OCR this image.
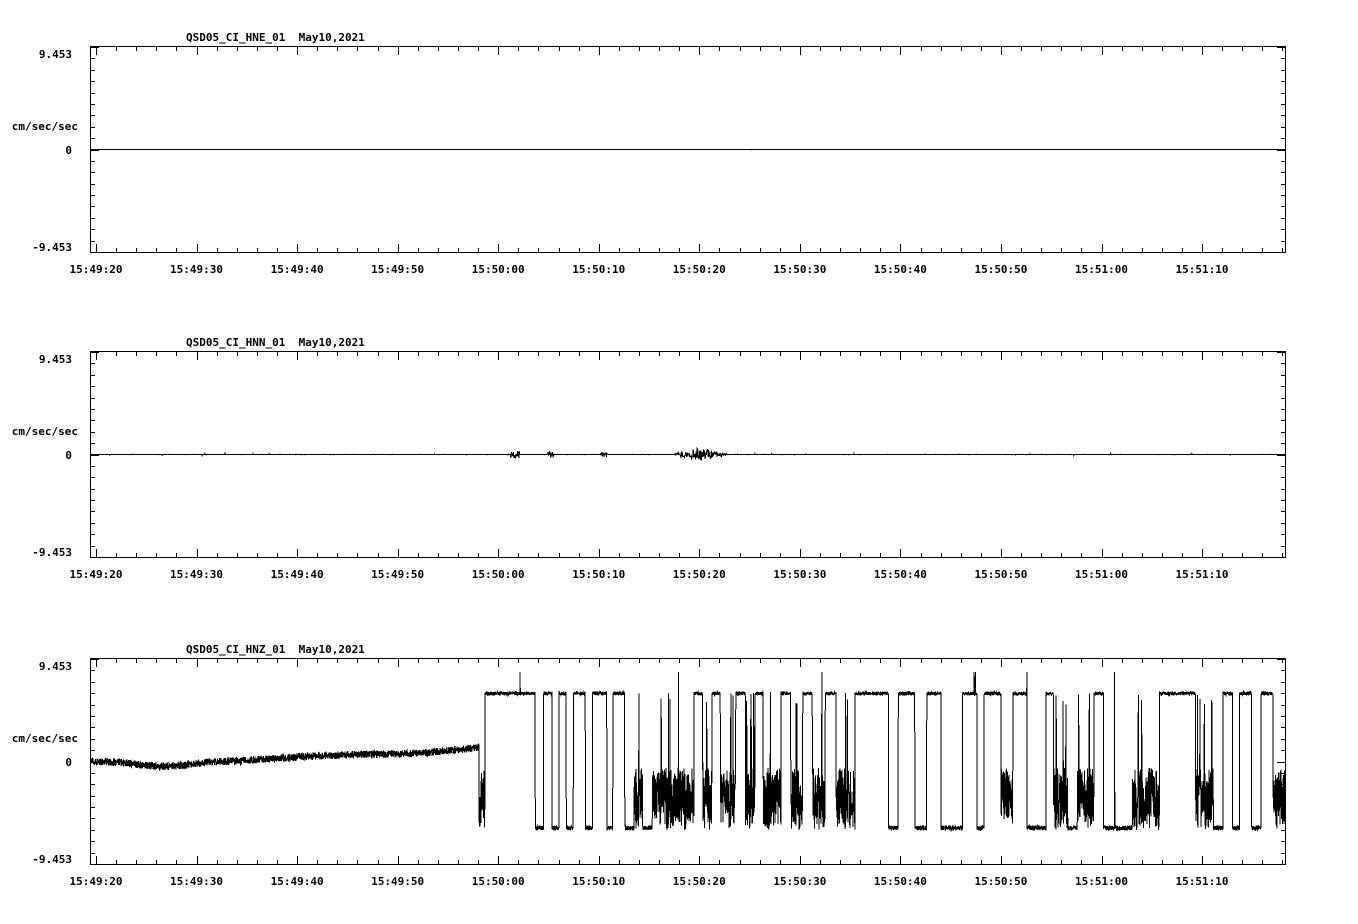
QSD05_CI_HNE_01  May10,2021
cm/sec/sec
9.453
0
-9.453
15:49:20	15:49:30	15:49:40	15:49:50	15:50:00	15:50:10	15:50:20	15:50:30	15:50:40	15:50:50	15:51:00	15:51:10
QSD05_CI_HNN_01  May10,2021
cm/sec/sec
9.453
0
-9.453
15:49:20	15:49:30	15:49:40	15:49:50	15:50:00	15:50:10	15:50:20	15:50:30	15:50:40	15:50:50	15:51:00	15:51:10
QSD05_CI_HNZ_01  May10,2021
cm/sec/sec
9.453
0
-9.453
15:49:20	15:49:30	15:49:40	15:49:50	15:50:00	15:50:10	15:50:20	15:50:30	15:50:40	15:50:50	15:51:00	15:51:10
